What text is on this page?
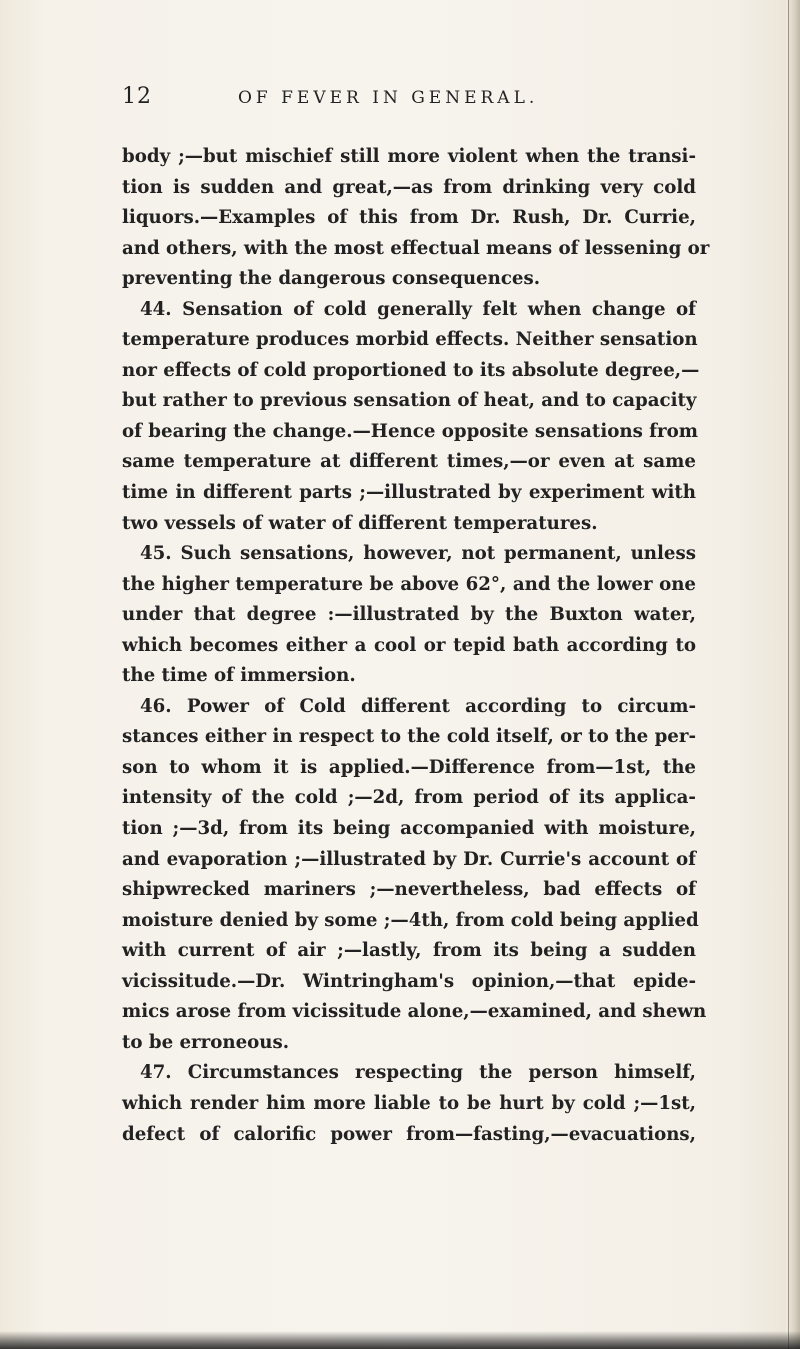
12	OF FEVER IN GENERAL.
body ;—but mischief still more violent when the transi-
tion is sudden and great,—as from drinking very cold
liquors.—Examples of this from Dr. Rush, Dr. Currie,
and others, with the most effectual means of lessening or
preventing the dangerous consequences.
44. Sensation of cold generally felt when change of
temperature produces morbid effects. Neither sensation
nor effects of cold proportioned to its absolute degree,—
but rather to previous sensation of heat, and to capacity
of bearing the change.—Hence opposite sensations from
same temperature at different times,—or even at same
time in different parts ;—illustrated by experiment with
two vessels of water of different temperatures.
45. Such sensations, however, not permanent, unless
the higher temperature be above 62°, and the lower one
under that degree :—illustrated by the Buxton water,
which becomes either a cool or tepid bath according to
the time of immersion.
46. Power of Cold different according to circum-
stances either in respect to the cold itself, or to the per-
son to whom it is applied.—Difference from—1st, the
intensity of the cold ;—2d, from period of its applica-
tion ;—3d, from its being accompanied with moisture,
and evaporation ;—illustrated by Dr. Currie's account of
shipwrecked mariners ;—nevertheless, bad effects of
moisture denied by some ;—4th, from cold being applied
with current of air ;—lastly, from its being a sudden
vicissitude.—Dr. Wintringham's opinion,—that epide-
mics arose from vicissitude alone,—examined, and shewn
to be erroneous.
47. Circumstances respecting the person himself,
which render him more liable to be hurt by cold ;—1st,
defect of calorific power from—fasting,—evacuations,
